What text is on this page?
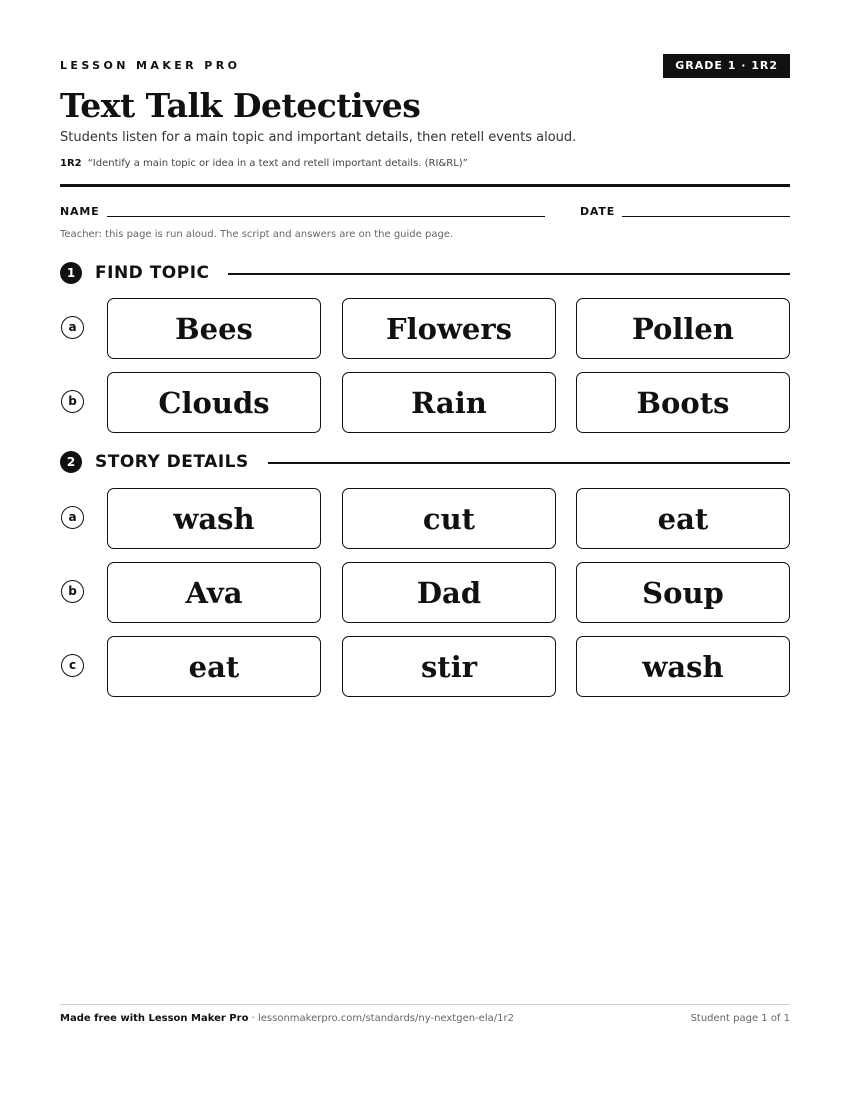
LESSON MAKER PRO	GRADE 1 · 1R2
Text Talk Detectives
Students listen for a main topic and important details, then retell events aloud.
1R2 “Identify a main topic or idea in a text and retell important details. (RI&RL)”
NAME	DATE
Teacher: this page is run aloud. The script and answers are on the guide page.
1	FIND TOPIC
a	Bees	Flowers	Pollen
b	Clouds	Rain	Boots
2	STORY DETAILS
a	wash	cut	eat
b	Ava	Dad	Soup
c	eat	stir	wash
Made free with Lesson Maker Pro · lessonmakerpro.com/standards/ny-nextgen-ela/1r2	Student page 1 of 1
